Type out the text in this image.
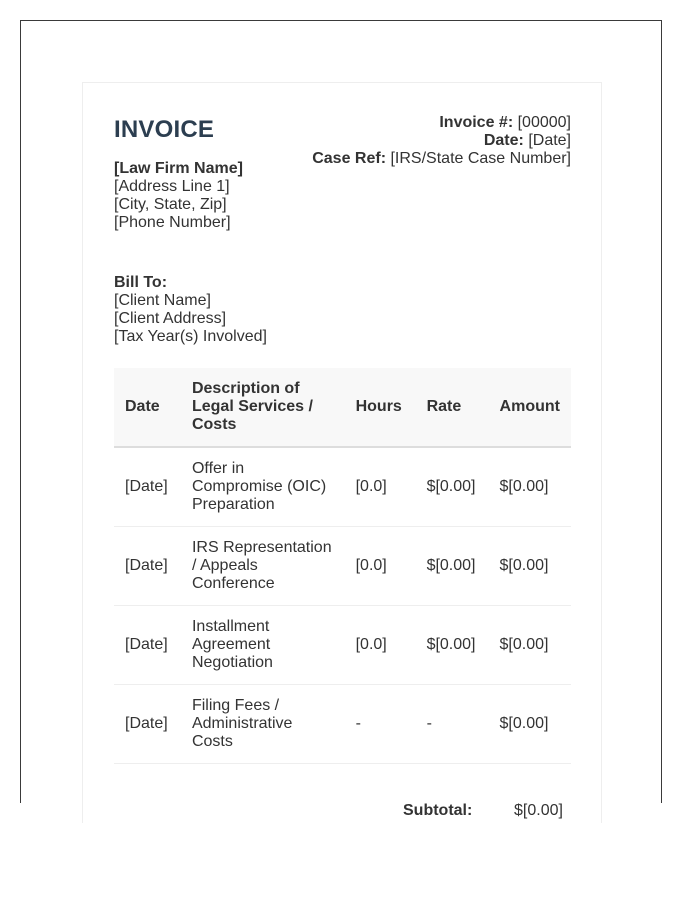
INVOICE	Invoice #: [00000]
Date: [Date]
Case Ref: [IRS/State Case Number]
[Law Firm Name]
[Address Line 1]
[City, State, Zip]
[Phone Number]
Bill To:
[Client Name]
[Client Address]
[Tax Year(s) Involved]
Date	Description of
Legal Services /
Costs	Hours	Rate	Amount
[Date]	Offer in
Compromise (OIC)
Preparation	[0.0]	$[0.00]	$[0.00]
[Date]	IRS Representation
/ Appeals
Conference	[0.0]	$[0.00]	$[0.00]
[Date]	Installment
Agreement
Negotiation	[0.0]	$[0.00]	$[0.00]
[Date]	Filing Fees /
Administrative
Costs	-	-	$[0.00]
Subtotal:	$[0.00]
